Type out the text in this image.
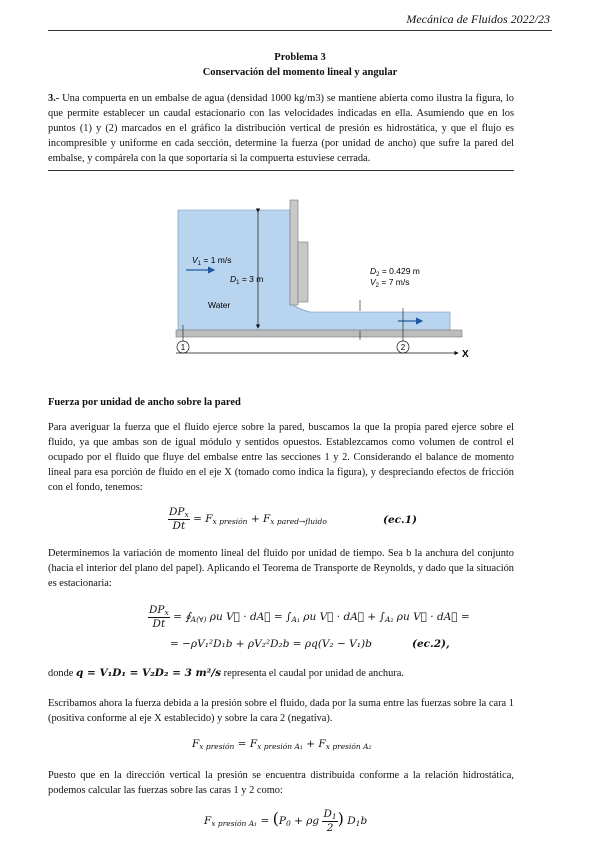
Mecánica de Fluidos 2022/23
Problema 3
Conservación del momento lineal y angular
3.- Una compuerta en un embalse de agua (densidad 1000 kg/m3) se mantiene abierta como ilustra la figura, lo que permite establecer un caudal estacionario con las velocidades indicadas en ella. Asumiendo que en los puntos (1) y (2) marcados en el gráfico la distribución vertical de presión es hidrostática, y que el flujo es incompresible y uniforme en cada sección, determine la fuerza (por unidad de ancho) que sufre la pared del embalse, y compárela con la que soportaría si la compuerta estuviese cerrada.
1	2
X
$V_1 = 1$ m/s
$D_1 = 3$ m
Water
$D_2 = 0.429$ m
$V_2 = 7$ m/s
Fuerza por unidad de ancho sobre la pared
Para averiguar la fuerza que el fluido ejerce sobre la pared, buscamos la que la propia pared ejerce sobre el fluido, ya que ambas son de igual módulo y sentidos opuestos. Establezcamos como volumen de control el ocupado por el fluido que fluye del embalse entre las secciones 1 y 2. Considerando el balance de momento lineal para esa porción de fluido en el eje X (tomado como indica la figura), y despreciando efectos de fricción con el fondo, tenemos:
$\frac{DP_x}{Dt} = F_{x presión} + F_{x pared\to fluido}$	(ec.1)
Determinemos la variación de momento lineal del fluido por unidad de tiempo. Sea b la anchura del conjunto (hacia el interior del plano del papel). Aplicando el Teorema de Transporte de Reynolds, y dado que la situación es estacionaria:
$\frac{DP_x}{Dt}$ = $∮_{A(\forall)}$ ρu V⃗ · dA⃗ = $\int_{A_1}$ ρu V⃗ · dA⃗ + $\int_{A_2}$ ρu V⃗ · dA⃗ =
= −ρV₁²D₁b + ρV₂²D₂b = ρq(V₂ − V₁)b	(ec.2),
donde q = V₁D₁ = V₂D₂ = 3 m²/s representa el caudal por unidad de anchura.
Escribamos ahora la fuerza debida a la presión sobre el fluido, dada por la suma entre las fuerzas sobre la cara 1 (positiva conforme al eje X establecido) y sobre la cara 2 (negativa).
$F_{x presión} = F_{x presión A_1} + F_{x presión A_2}$
Puesto que en la dirección vertical la presión se encuentra distribuida conforme a la relación hidrostática, podemos calcular las fuerzas sobre las caras 1 y 2 como:
$F_{x presión A_1} = (P_0 + \rho g \frac{D_1}{2}$ ) $D_1b$
